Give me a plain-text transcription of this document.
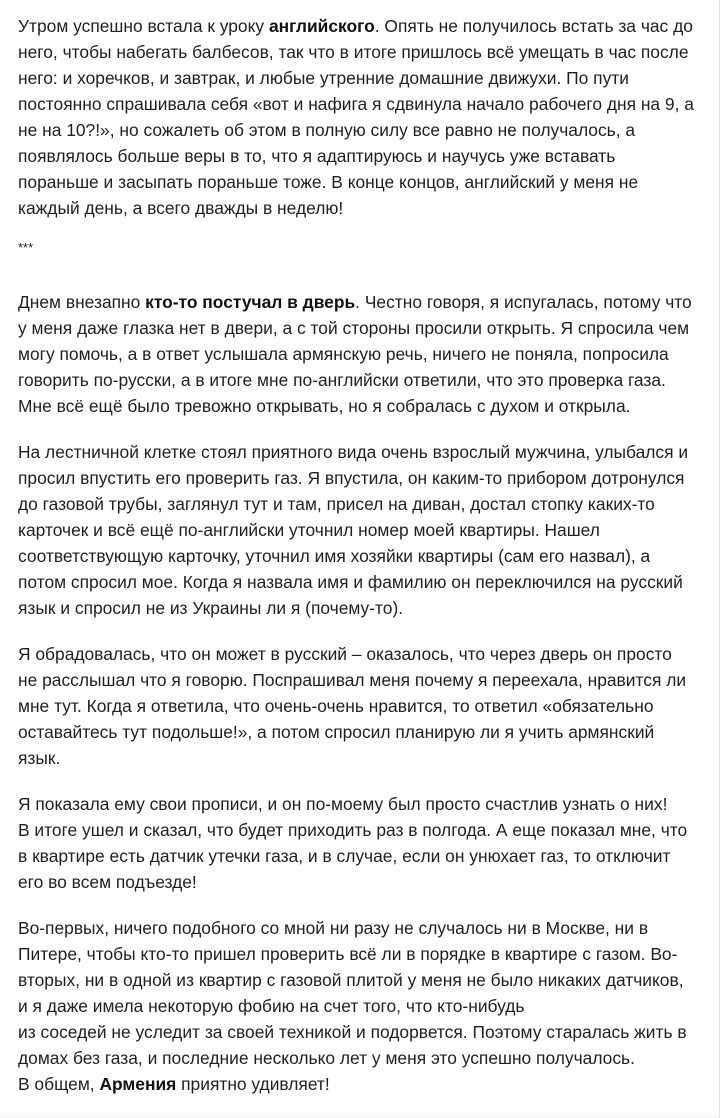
Утром успешно встала к уроку английского. Опять не получилось встать за час до
него, чтобы набегать балбесов, так что в итоге пришлось всё умещать в час после
него: и хоречков, и завтрак, и любые утренние домашние движухи. По пути
постоянно спрашивала себя «вот и нафига я сдвинула начало рабочего дня на 9, а
не на 10?!», но сожалеть об этом в полную силу все равно не получалось, а
появлялось больше веры в то, что я адаптируюсь и научусь уже вставать
пораньше и засыпать пораньше тоже. В конце концов, английский у меня не
каждый день, а всего дважды в неделю!
***
Днем внезапно кто-то постучал в дверь. Честно говоря, я испугалась, потому что
у меня даже глазка нет в двери, а с той стороны просили открыть. Я спросила чем
могу помочь, а в ответ услышала армянскую речь, ничего не поняла, попросила
говорить по-русски, а в итоге мне по-английски ответили, что это проверка газа.
Мне всё ещё было тревожно открывать, но я собралась с духом и открыла.
На лестничной клетке стоял приятного вида очень взрослый мужчина, улыбался и
просил впустить его проверить газ. Я впустила, он каким-то прибором дотронулся
до газовой трубы, заглянул тут и там, присел на диван, достал стопку каких-то
карточек и всё ещё по-английски уточнил номер моей квартиры. Нашел
соответствующую карточку, уточнил имя хозяйки квартиры (сам его назвал), а
потом спросил мое. Когда я назвала имя и фамилию он переключился на русский
язык и спросил не из Украины ли я (почему-то).
Я обрадовалась, что он может в русский – оказалось, что через дверь он просто
не расслышал что я говорю. Поспрашивал меня почему я переехала, нравится ли
мне тут. Когда я ответила, что очень-очень нравится, то ответил «обязательно
оставайтесь тут подольше!», а потом спросил планирую ли я учить армянский
язык.
Я показала ему свои прописи, и он по-моему был просто счастлив узнать о них!
В итоге ушел и сказал, что будет приходить раз в полгода. А еще показал мне, что
в квартире есть датчик утечки газа, и в случае, если он унюхает газ, то отключит
его во всем подъезде!
Во-первых, ничего подобного со мной ни разу не случалось ни в Москве, ни в
Питере, чтобы кто-то пришел проверить всё ли в порядке в квартире с газом. Во-
вторых, ни в одной из квартир с газовой плитой у меня не было никаких датчиков,
и я даже имела некоторую фобию на счет того, что кто-нибудь
из соседей не уследит за своей техникой и подорвется. Поэтому старалась жить в
домах без газа, и последние несколько лет у меня это успешно получалось.
В общем, Армения приятно удивляет!
